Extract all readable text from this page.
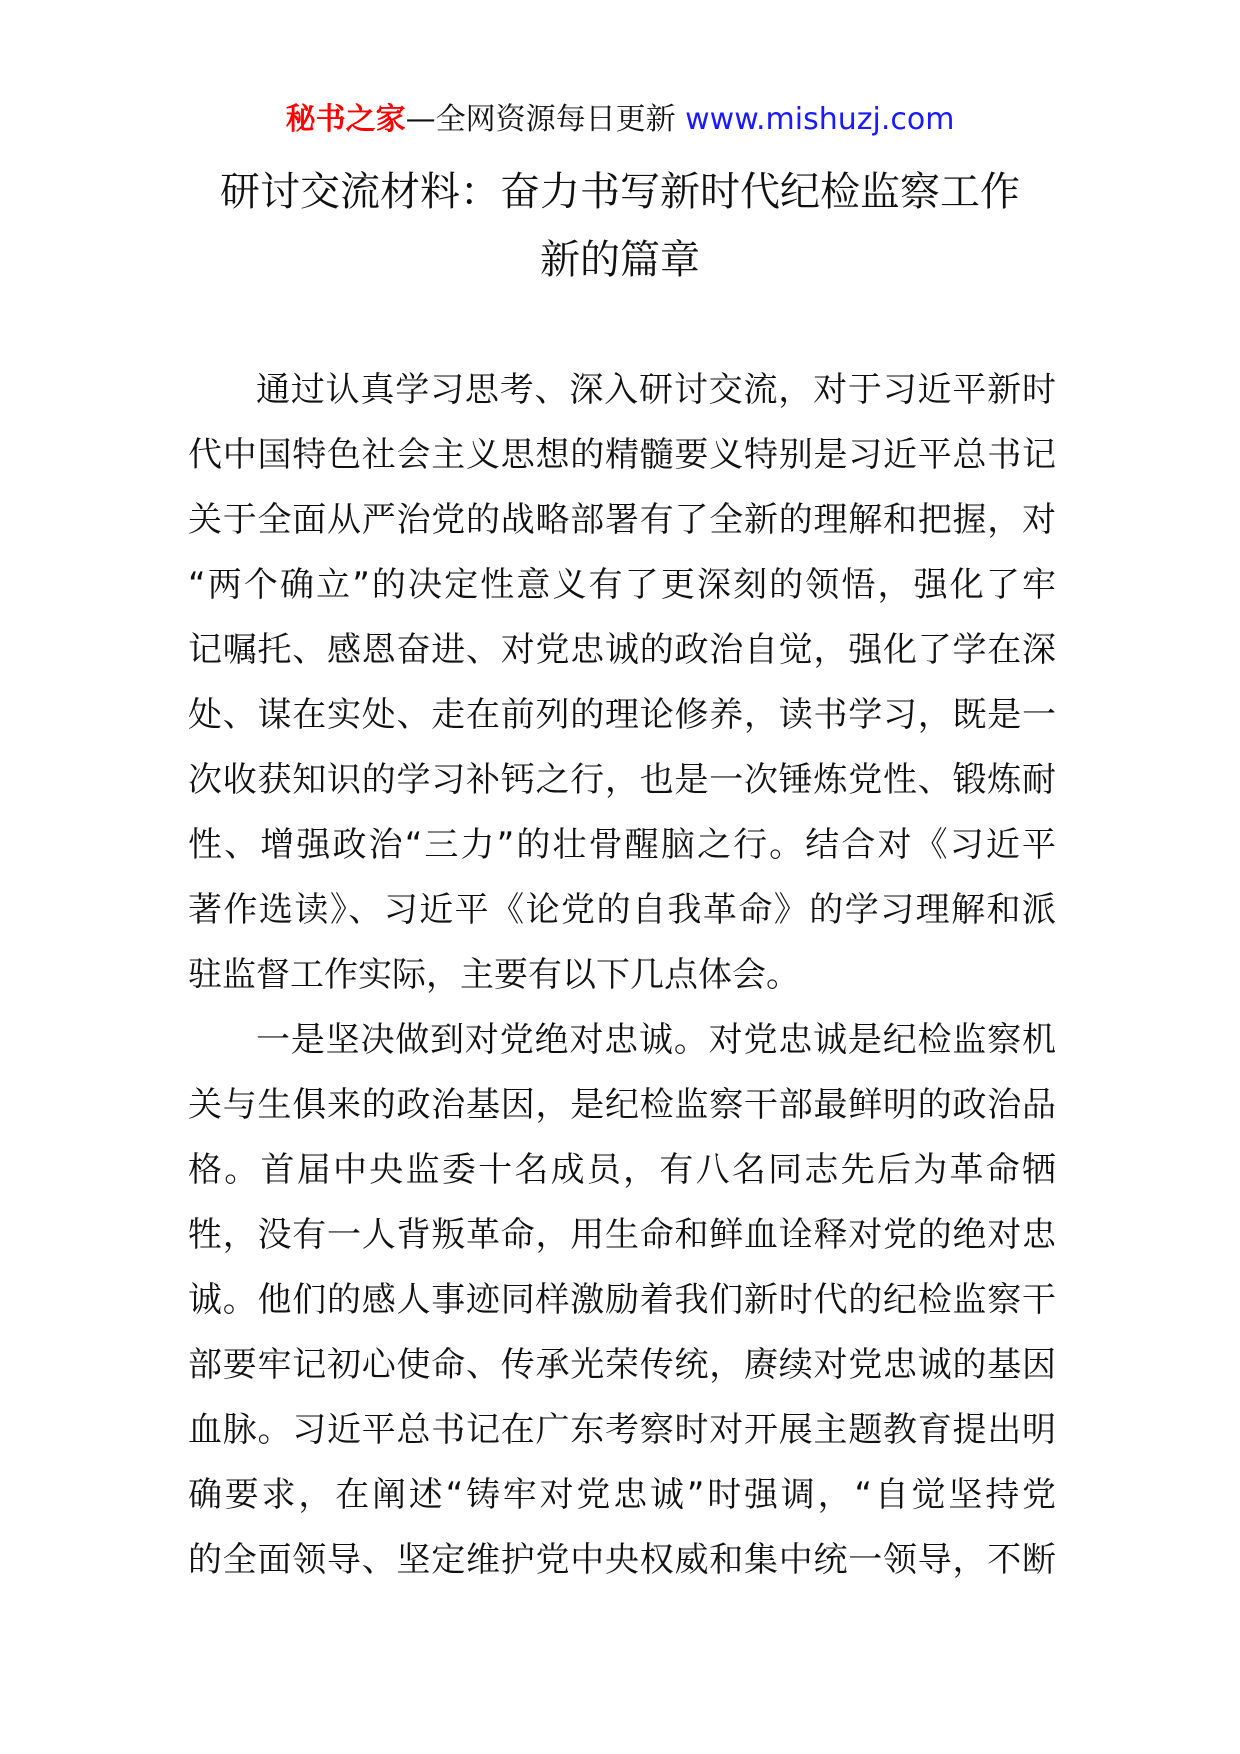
秘书之家—全网资源每日更新 www.mishuzj.com
研讨交流材料：奋力书写新时代纪检监察工作
新的篇章
通过认真学习思考、深入研讨交流，对于习近平新时
代中国特色社会主义思想的精髓要义特别是习近平总书记
关于全面从严治党的战略部署有了全新的理解和把握，对
“两个确立”的决定性意义有了更深刻的领悟，强化了牢
记嘱托、感恩奋进、对党忠诚的政治自觉，强化了学在深
处、谋在实处、走在前列的理论修养，读书学习，既是一
次收获知识的学习补钙之行，也是一次锤炼党性、锻炼耐
性、增强政治“三力”的壮骨醒脑之行。结合对《习近平
著作选读》、习近平《论党的自我革命》的学习理解和派
驻监督工作实际，主要有以下几点体会。
一是坚决做到对党绝对忠诚。对党忠诚是纪检监察机
关与生俱来的政治基因，是纪检监察干部最鲜明的政治品
格。首届中央监委十名成员，有八名同志先后为革命牺
牲，没有一人背叛革命，用生命和鲜血诠释对党的绝对忠
诚。他们的感人事迹同样激励着我们新时代的纪检监察干
部要牢记初心使命、传承光荣传统，赓续对党忠诚的基因
血脉。习近平总书记在广东考察时对开展主题教育提出明
确要求，在阐述“铸牢对党忠诚”时强调，“自觉坚持党
的全面领导、坚定维护党中央权威和集中统一领导，不断
